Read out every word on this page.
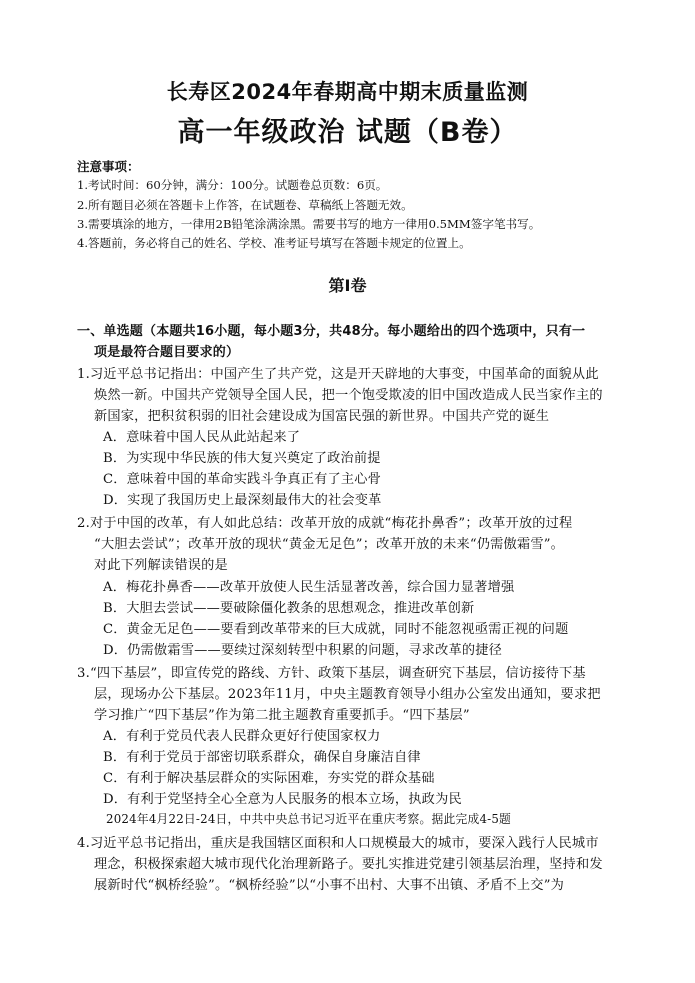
长寿区2024年春期高中期末质量监测
高一年级政治 试题（B卷）
注意事项：
1.考试时间：60分钟，满分：100分。试题卷总页数：6页。
2.所有题目必须在答题卡上作答，在试题卷、草稿纸上答题无效。
3.需要填涂的地方，一律用2B铅笔涂满涂黑。需要书写的地方一律用0.5MM签字笔书写。
4.答题前，务必将自己的姓名、学校、准考证号填写在答题卡规定的位置上。
第Ⅰ卷
一、单选题（本题共16小题，每小题3分，共48分。每小题给出的四个选项中，只有一
项是最符合题目要求的）
1.习近平总书记指出：中国产生了共产党，这是开天辟地的大事变，中国革命的面貌从此
焕然一新。中国共产党领导全国人民，把一个饱受欺凌的旧中国改造成人民当家作主的
新国家，把积贫积弱的旧社会建设成为国富民强的新世界。中国共产党的诞生
A．意味着中国人民从此站起来了
B．为实现中华民族的伟大复兴奠定了政治前提
C．意味着中国的革命实践斗争真正有了主心骨
D．实现了我国历史上最深刻最伟大的社会变革
2.对于中国的改革，有人如此总结：改革开放的成就“梅花扑鼻香”；改革开放的过程
“大胆去尝试”；改革开放的现状“黄金无足色”；改革开放的未来“仍需傲霜雪”。
对此下列解读错误的是
A．梅花扑鼻香——改革开放使人民生活显著改善，综合国力显著增强
B．大胆去尝试——要破除僵化教条的思想观念，推进改革创新
C．黄金无足色——要看到改革带来的巨大成就，同时不能忽视亟需正视的问题
D．仍需傲霜雪——要续过深刻转型中积累的问题，寻求改革的捷径
3.“四下基层”，即宣传党的路线、方针、政策下基层，调查研究下基层，信访接待下基
层，现场办公下基层。2023年11月，中央主题教育领导小组办公室发出通知，要求把
学习推广“四下基层”作为第二批主题教育重要抓手。“四下基层”
A．有利于党员代表人民群众更好行使国家权力
B．有利于党员于部密切联系群众，确保自身廉洁自律
C．有利于解决基层群众的实际困难，夯实党的群众基础
D．有利于党坚持全心全意为人民服务的根本立场，执政为民
2024年4月22日-24日，中共中央总书记习近平在重庆考察。据此完成4-5题
4.习近平总书记指出，重庆是我国辖区面积和人口规模最大的城市，要深入践行人民城市
理念，积极探索超大城市现代化治理新路子。要扎实推进党建引领基层治理，坚持和发
展新时代“枫桥经验”。“枫桥经验”以“小事不出村、大事不出镇、矛盾不上交”为
